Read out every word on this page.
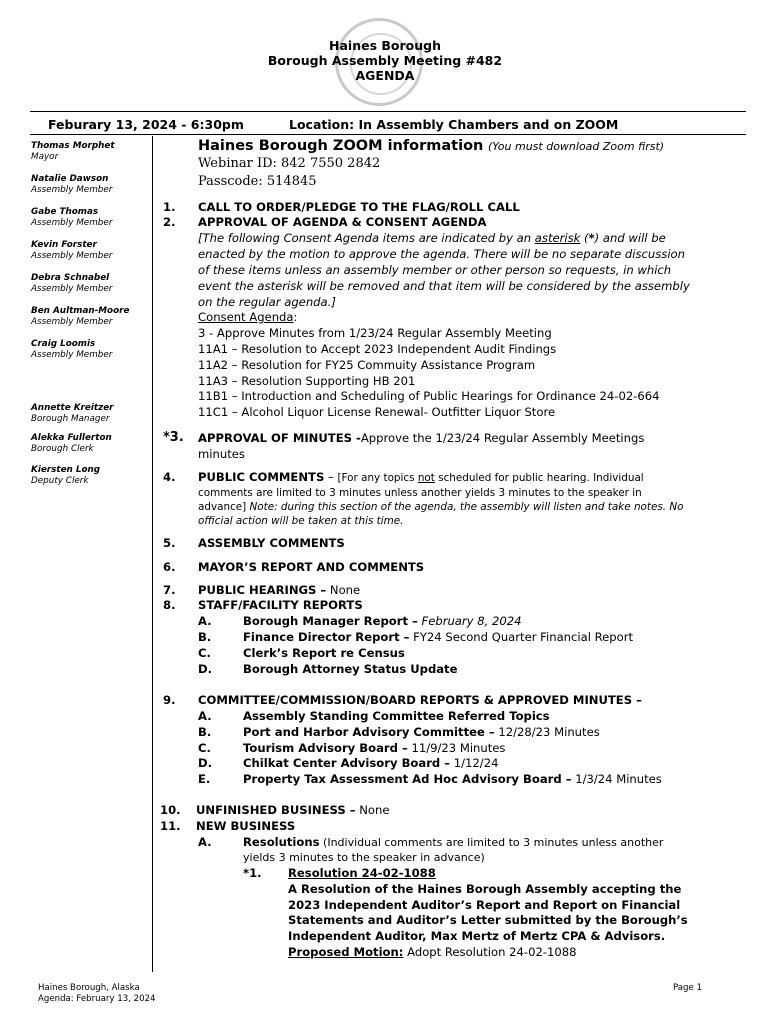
Haines Borough
Borough Assembly Meeting #482
AGENDA
Feburary 13, 2024 - 6:30pm	Location: In Assembly Chambers and on ZOOM
Thomas Morphet
Mayor
Natalie Dawson
Assembly Member
Gabe Thomas
Assembly Member
Kevin Forster
Assembly Member
Debra Schnabel
Assembly Member
Ben Aultman-Moore
Assembly Member
Craig Loomis
Assembly Member
Annette Kreitzer
Borough Manager
Alekka Fullerton
Borough Clerk
Kiersten Long
Deputy Clerk
Haines Borough ZOOM information (You must download Zoom first)
Webinar ID: 842 7550 2842
Passcode: 514845
1. CALL TO ORDER/PLEDGE TO THE FLAG/ROLL CALL
2. APPROVAL OF AGENDA & CONSENT AGENDA
[The following Consent Agenda items are indicated by an asterisk (*) and will be
enacted by the motion to approve the agenda. There will be no separate discussion
of these items unless an assembly member or other person so requests, in which
event the asterisk will be removed and that item will be considered by the assembly
on the regular agenda.]
Consent Agenda:
3 - Approve Minutes from 1/23/24 Regular Assembly Meeting
11A1 – Resolution to Accept 2023 Independent Audit Findings
11A2 – Resolution for FY25 Commuity Assistance Program
11A3 – Resolution Supporting HB 201
11B1 – Introduction and Scheduling of Public Hearings for Ordinance 24-02-664
11C1 – Alcohol Liquor License Renewal- Outfitter Liquor Store
*3. APPROVAL OF MINUTES -Approve the 1/23/24 Regular Assembly Meetings
minutes
4. PUBLIC COMMENTS – [For any topics not scheduled for public hearing. Individual
comments are limited to 3 minutes unless another yields 3 minutes to the speaker in
advance] Note: during this section of the agenda, the assembly will listen and take notes. No
official action will be taken at this time.
5. ASSEMBLY COMMENTS
6. MAYOR’S REPORT AND COMMENTS
7. PUBLIC HEARINGS – None
8. STAFF/FACILITY REPORTS
A.	Borough Manager Report – February 8, 2024
B.	Finance Director Report – FY24 Second Quarter Financial Report
C.	Clerk’s Report re Census
D.	Borough Attorney Status Update
9. COMMITTEE/COMMISSION/BOARD REPORTS & APPROVED MINUTES –
A.	Assembly Standing Committee Referred Topics
B.	Port and Harbor Advisory Committee – 12/28/23 Minutes
C.	Tourism Advisory Board – 11/9/23 Minutes
D.	Chilkat Center Advisory Board – 1/12/24
E.	Property Tax Assessment Ad Hoc Advisory Board – 1/3/24 Minutes
10. UNFINISHED BUSINESS – None
11. NEW BUSINESS
A.	Resolutions (Individual comments are limited to 3 minutes unless another
yields 3 minutes to the speaker in advance)
*1. Resolution 24-02-1088
A Resolution of the Haines Borough Assembly accepting the
2023 Independent Auditor’s Report and Report on Financial
Statements and Auditor’s Letter submitted by the Borough’s
Independent Auditor, Max Mertz of Mertz CPA & Advisors.
Proposed Motion: Adopt Resolution 24-02-1088
Haines Borough, Alaska
Agenda: February 13, 2024
Page 1
